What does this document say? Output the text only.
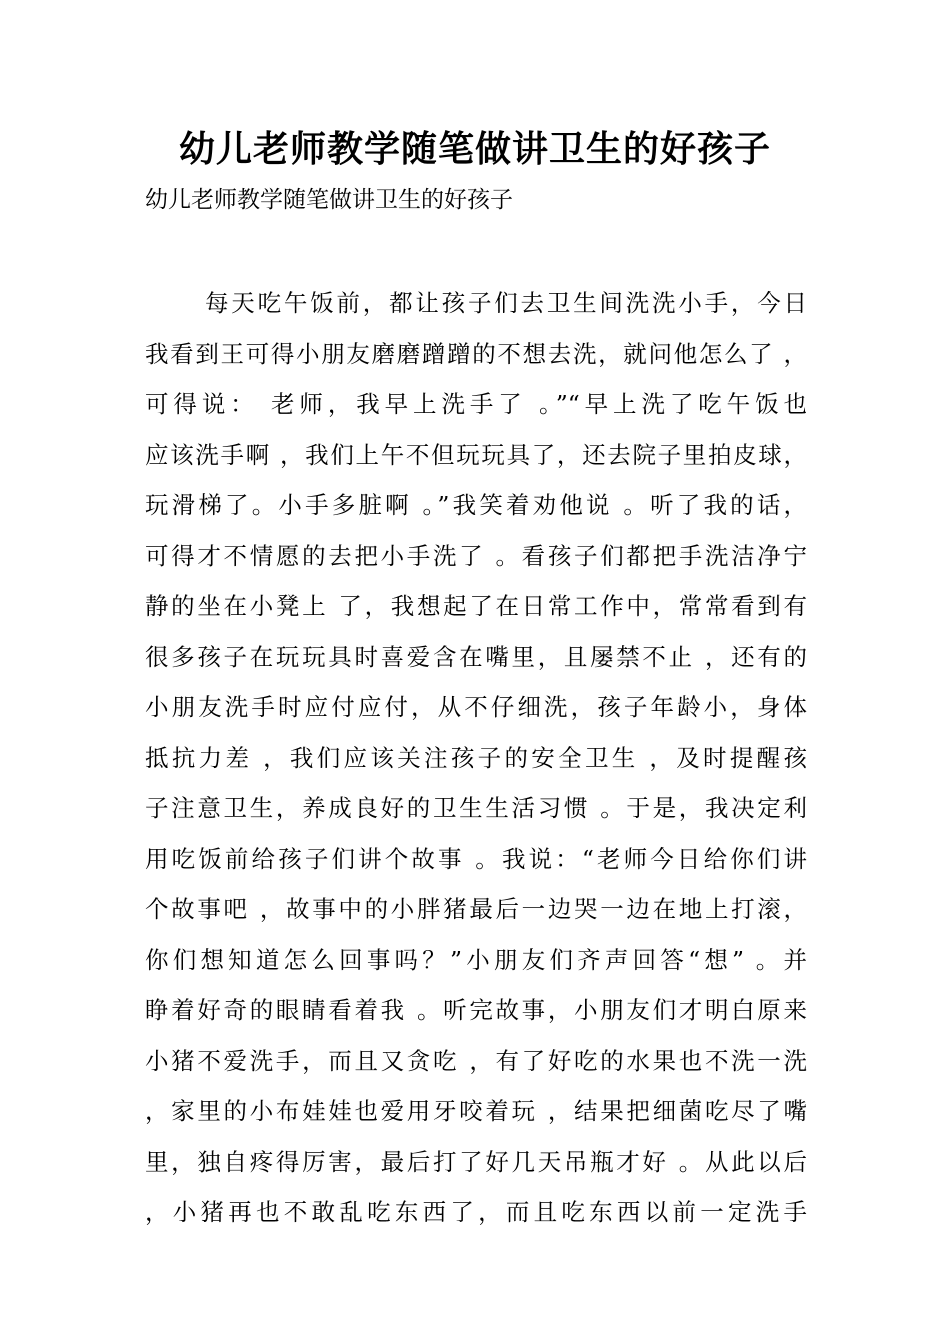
幼儿老师教学随笔做讲卫生的好孩子

幼儿老师教学随笔做讲卫生的好孩子

每天吃午饭前，都让孩子们去卫生间洗洗小手，今日
我看到王可得小朋友磨磨蹭蹭的不想去洗，就问他怎么了 ，
可得说： 老师，我早上洗手了 。”“早上洗了吃午饭也
应该洗手啊 ，我们上午不但玩玩具了，还去院子里拍皮球，
玩滑梯了。小手多脏啊 。”我笑着劝他说 。听了我的话，
可得才不情愿的去把小手洗了 。看孩子们都把手洗洁净宁
静的坐在小凳上 了，我想起了在日常工作中，常常看到有
很多孩子在玩玩具时喜爱含在嘴里，且屡禁不止 ，还有的
小朋友洗手时应付应付，从不仔细洗，孩子年龄小，身体
抵抗力差 ，我们应该关注孩子的安全卫生 ，及时提醒孩
子注意卫生，养成良好的卫生生活习惯 。于是，我决定利
用吃饭前给孩子们讲个故事 。我说：“老师今日给你们讲
个故事吧 ，故事中的小胖猪最后一边哭一边在地上打滚，
你们想知道怎么回事吗？”小朋友们齐声回答“想” 。并
睁着好奇的眼睛看着我 。听完故事，小朋友们才明白原来
小猪不爱洗手，而且又贪吃 ，有了好吃的水果也不洗一洗
，家里的小布娃娃也爱用牙咬着玩 ，结果把细菌吃尽了嘴
里，独自疼得厉害，最后打了好几天吊瓶才好 。从此以后
，小猪再也不敢乱吃东西了，而且吃东西以前一定洗手
